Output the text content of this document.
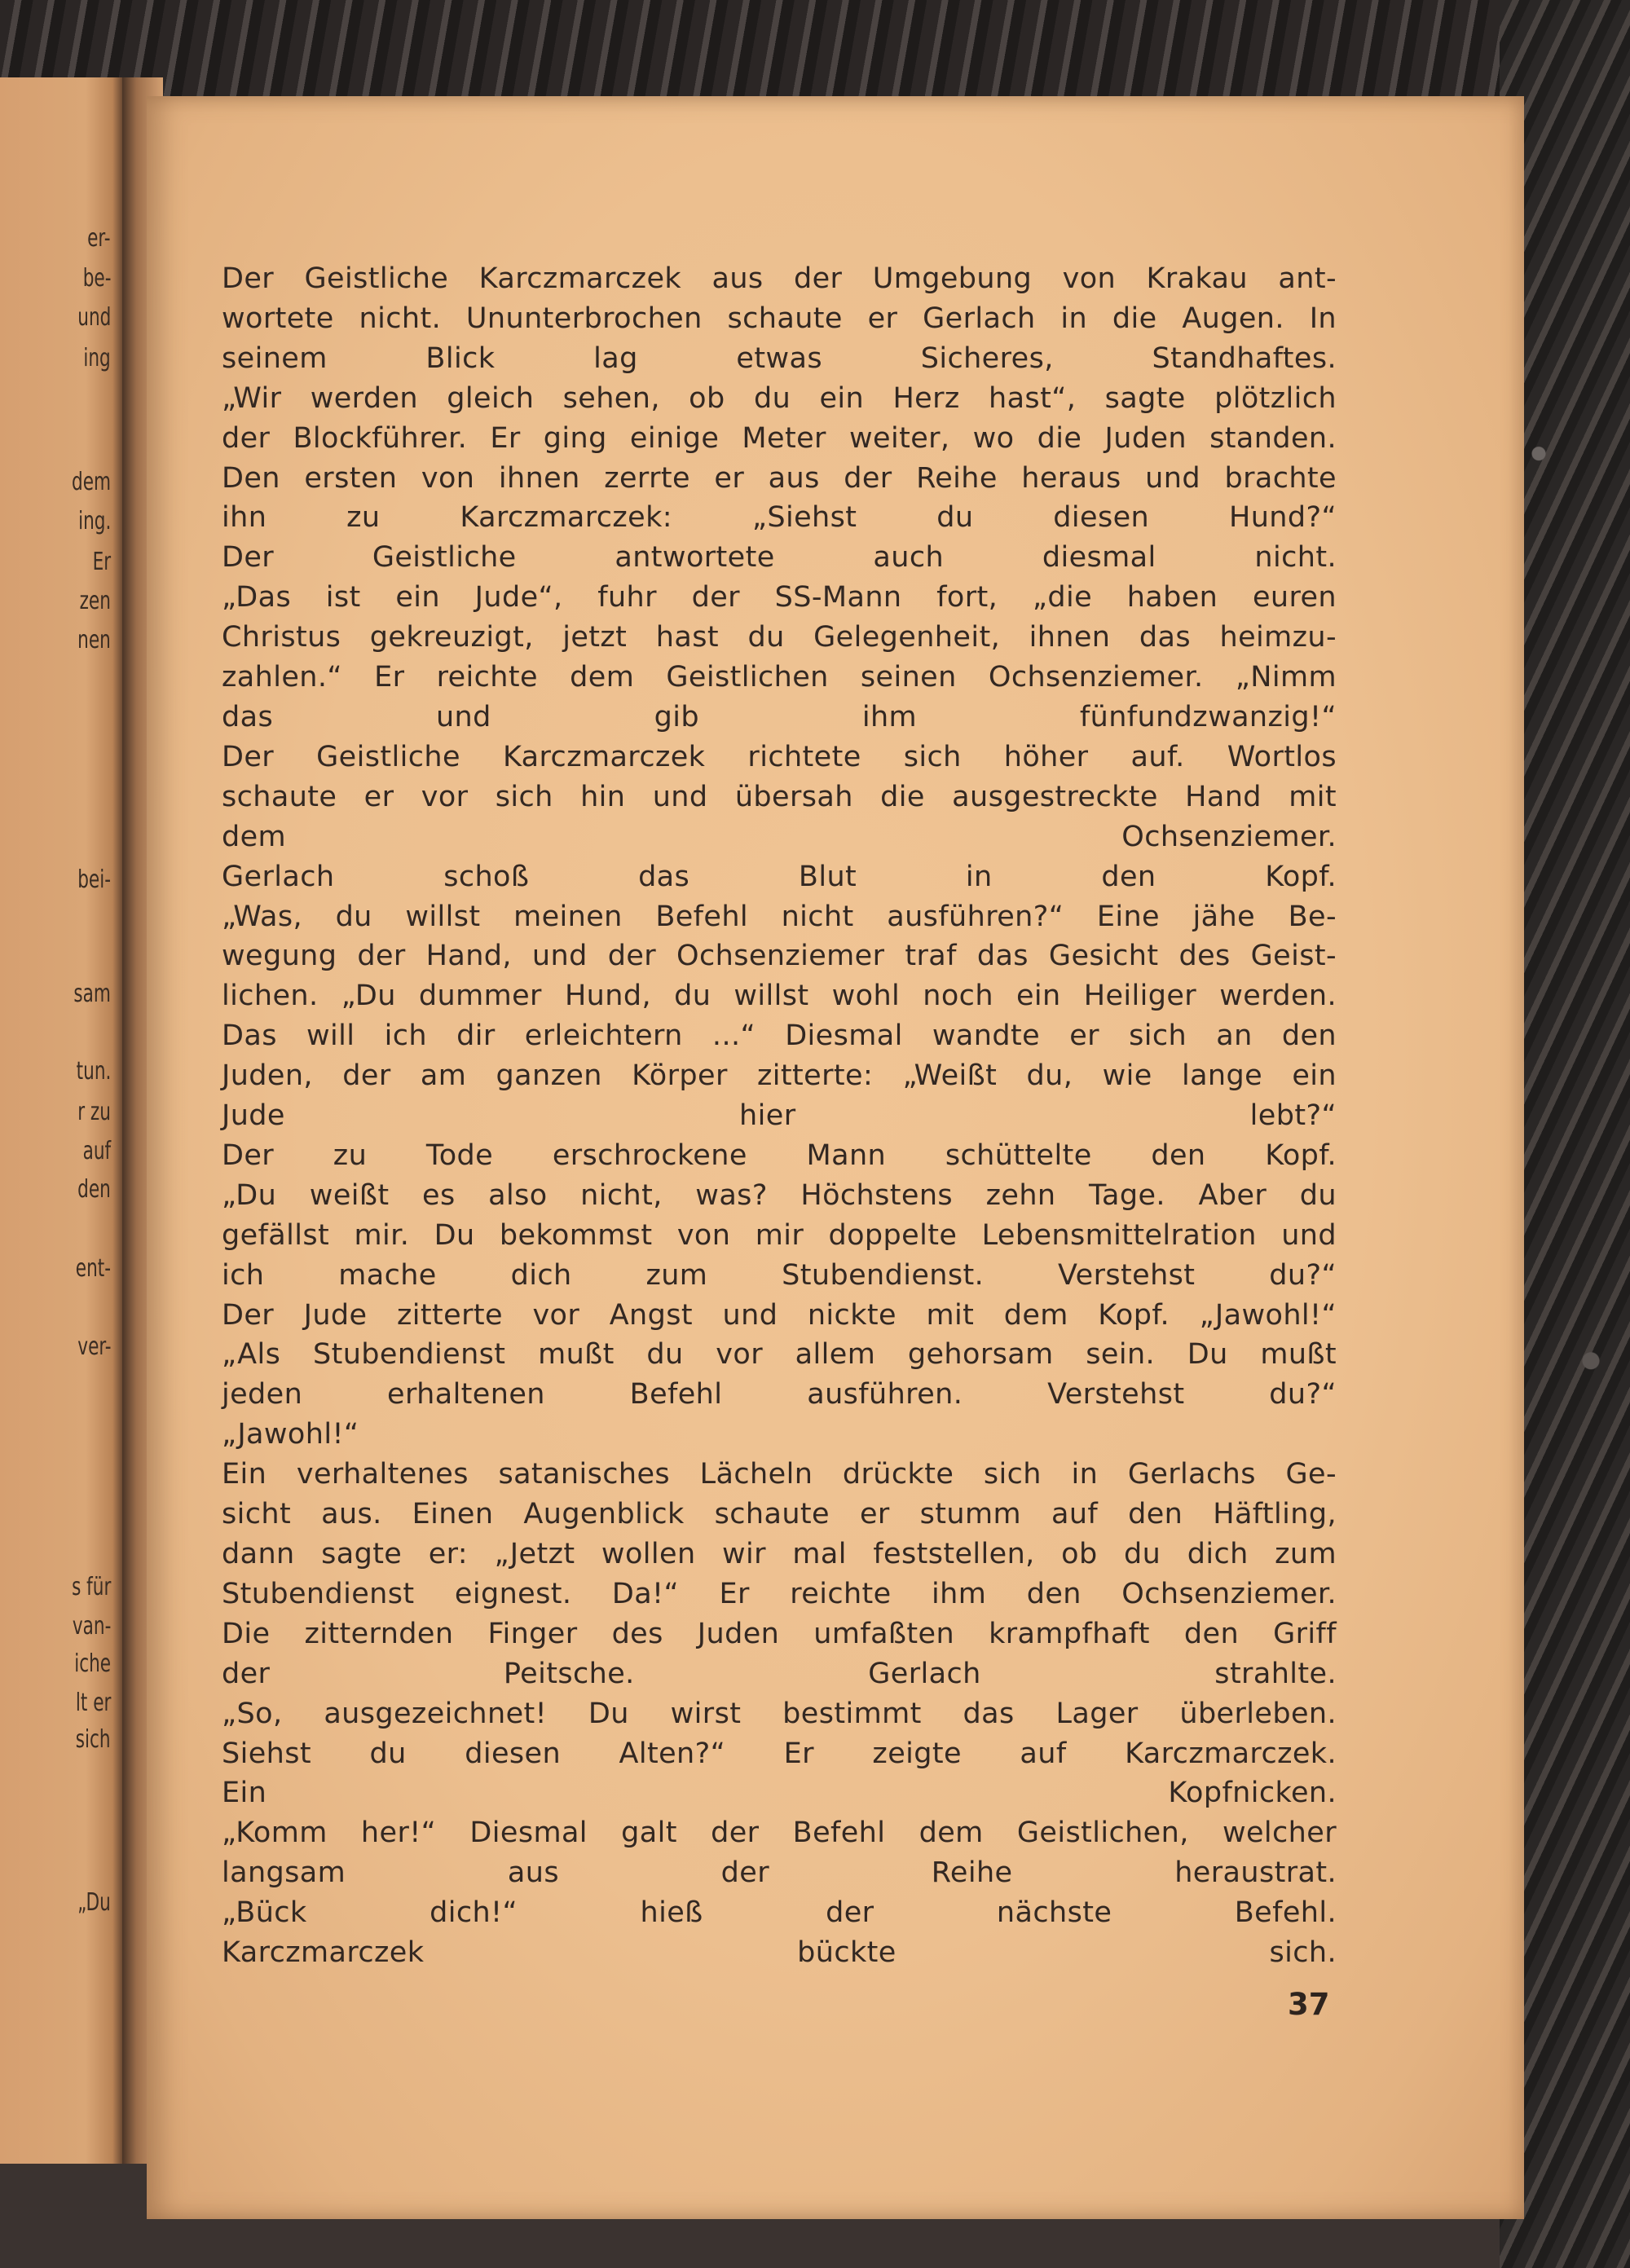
er-
be-
und
ing
dem
ing.
Er
zen
nen
bei-
sam
tun.
r zu
auf
den
ent-
ver-
s für
van-
iche
lt er
sich
„Du
Der Geistliche Karczmarczek aus der Umgebung von Krakau ant-
wortete nicht. Ununterbrochen schaute er Gerlach in die Augen. In
seinem Blick lag etwas Sicheres, Standhaftes.
„Wir werden gleich sehen, ob du ein Herz hast“, sagte plötzlich
der Blockführer. Er ging einige Meter weiter, wo die Juden standen.
Den ersten von ihnen zerrte er aus der Reihe heraus und brachte
ihn zu Karczmarczek: „Siehst du diesen Hund?“
Der Geistliche antwortete auch diesmal nicht.
„Das ist ein Jude“, fuhr der SS-Mann fort, „die haben euren
Christus gekreuzigt, jetzt hast du Gelegenheit, ihnen das heimzu-
zahlen.“ Er reichte dem Geistlichen seinen Ochsenziemer. „Nimm
das und gib ihm fünfundzwanzig!“
Der Geistliche Karczmarczek richtete sich höher auf. Wortlos
schaute er vor sich hin und übersah die ausgestreckte Hand mit
dem Ochsenziemer.
Gerlach schoß das Blut in den Kopf.
„Was, du willst meinen Befehl nicht ausführen?“ Eine jähe Be-
wegung der Hand, und der Ochsenziemer traf das Gesicht des Geist-
lichen. „Du dummer Hund, du willst wohl noch ein Heiliger werden.
Das will ich dir erleichtern ...“ Diesmal wandte er sich an den
Juden, der am ganzen Körper zitterte: „Weißt du, wie lange ein
Jude hier lebt?“
Der zu Tode erschrockene Mann schüttelte den Kopf.
„Du weißt es also nicht, was? Höchstens zehn Tage. Aber du
gefällst mir. Du bekommst von mir doppelte Lebensmittelration und
ich mache dich zum Stubendienst. Verstehst du?“
Der Jude zitterte vor Angst und nickte mit dem Kopf. „Jawohl!“
„Als Stubendienst mußt du vor allem gehorsam sein. Du mußt
jeden erhaltenen Befehl ausführen. Verstehst du?“
„Jawohl!“
Ein verhaltenes satanisches Lächeln drückte sich in Gerlachs Ge-
sicht aus. Einen Augenblick schaute er stumm auf den Häftling,
dann sagte er: „Jetzt wollen wir mal feststellen, ob du dich zum
Stubendienst eignest. Da!“ Er reichte ihm den Ochsenziemer.
Die zitternden Finger des Juden umfaßten krampfhaft den Griff
der Peitsche. Gerlach strahlte.
„So, ausgezeichnet! Du wirst bestimmt das Lager überleben.
Siehst du diesen Alten?“ Er zeigte auf Karczmarczek.
Ein Kopfnicken.
„Komm her!“ Diesmal galt der Befehl dem Geistlichen, welcher
langsam aus der Reihe heraustrat.
„Bück dich!“ hieß der nächste Befehl.
Karczmarczek bückte sich.
37
